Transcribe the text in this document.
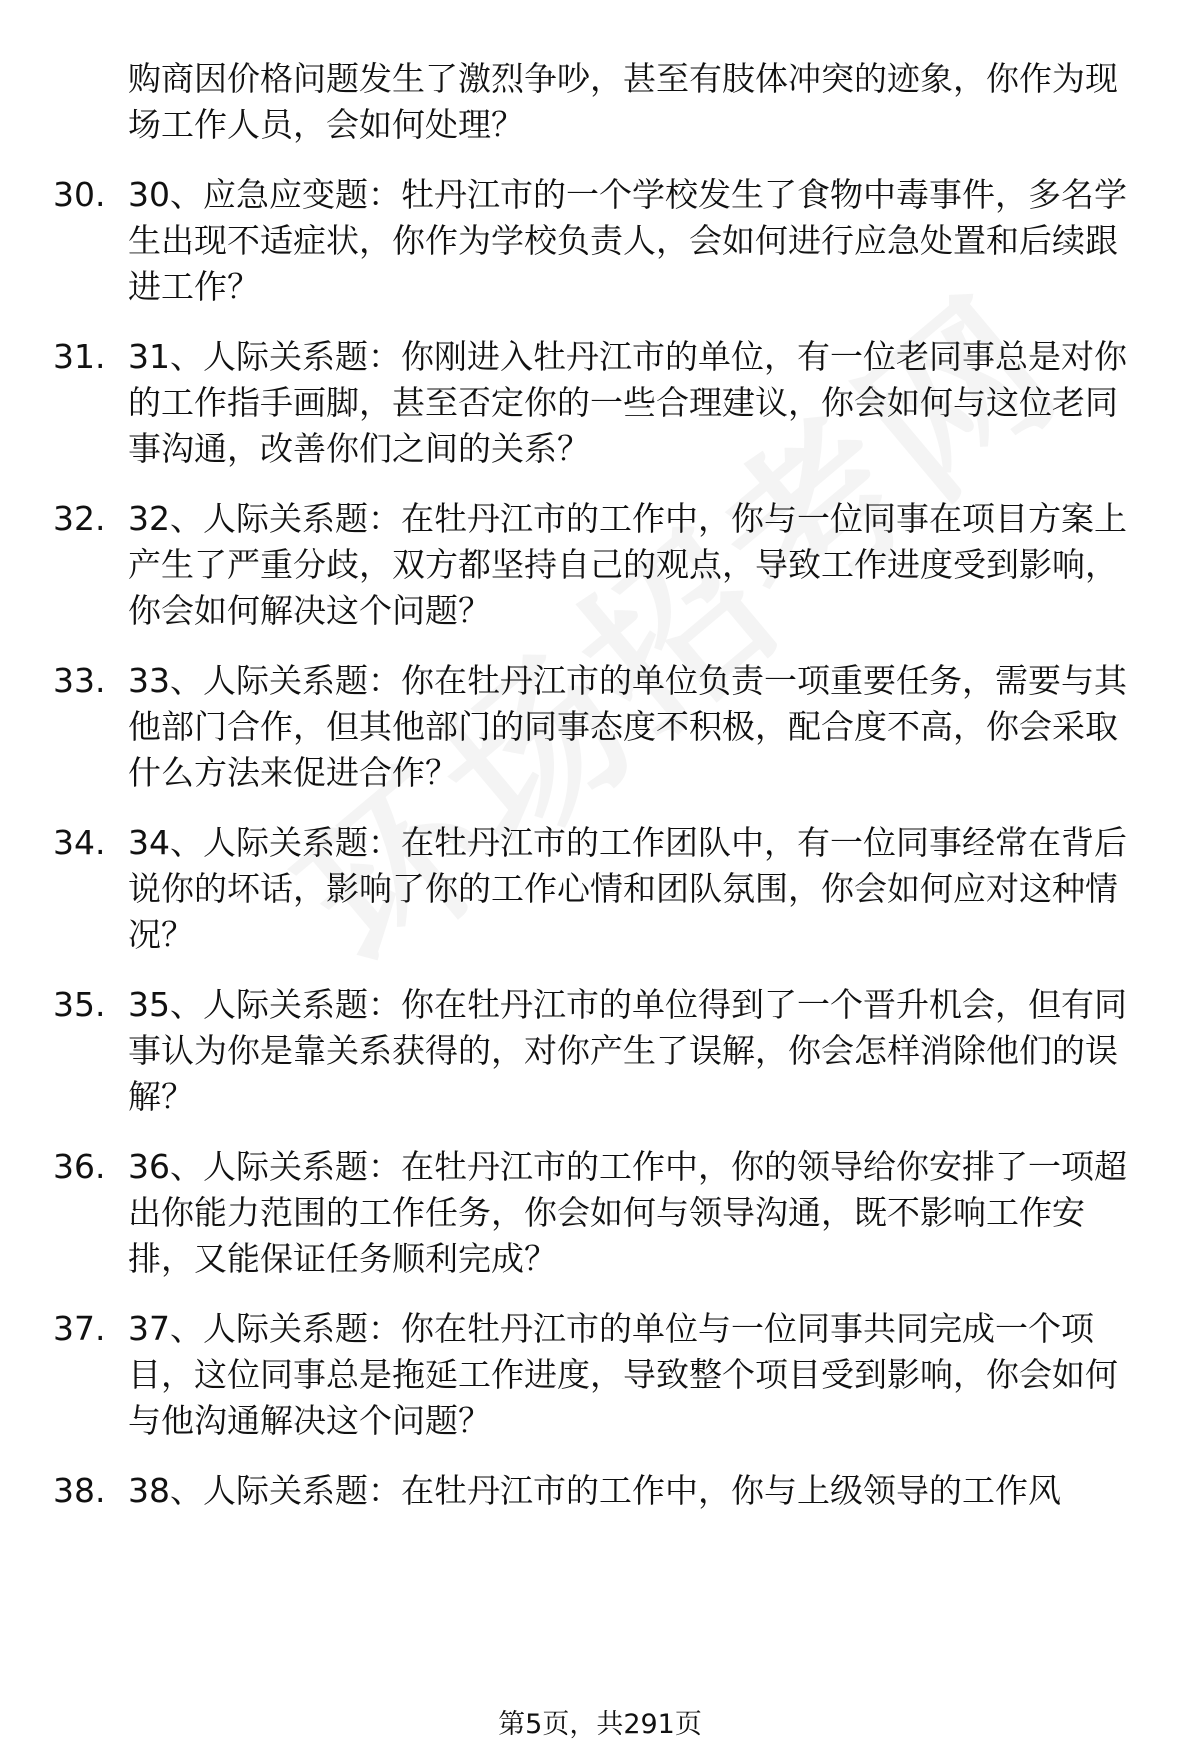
购商因价格问题发生了激烈争吵，甚至有肢体冲突的迹象，你作为现场工作人员，会如何处理？
30. 30、应急应变题：牡丹江市的一个学校发生了食物中毒事件，多名学生出现不适症状，你作为学校负责人，会如何进行应急处置和后续跟进工作？
31. 31、人际关系题：你刚进入牡丹江市的单位，有一位老同事总是对你的工作指手画脚，甚至否定你的一些合理建议，你会如何与这位老同事沟通，改善你们之间的关系？
32. 32、人际关系题：在牡丹江市的工作中，你与一位同事在项目方案上产生了严重分歧，双方都坚持自己的观点，导致工作进度受到影响，你会如何解决这个问题？
33. 33、人际关系题：你在牡丹江市的单位负责一项重要任务，需要与其他部门合作，但其他部门的同事态度不积极，配合度不高，你会采取什么方法来促进合作？
34. 34、人际关系题：在牡丹江市的工作团队中，有一位同事经常在背后说你的坏话，影响了你的工作心情和团队氛围，你会如何应对这种情况？
35. 35、人际关系题：你在牡丹江市的单位得到了一个晋升机会，但有同事认为你是靠关系获得的，对你产生了误解，你会怎样消除他们的误解？
36. 36、人际关系题：在牡丹江市的工作中，你的领导给你安排了一项超出你能力范围的工作任务，你会如何与领导沟通，既不影响工作安排，又能保证任务顺利完成？
37. 37、人际关系题：你在牡丹江市的单位与一位同事共同完成一个项目，这位同事总是拖延工作进度，导致整个项目受到影响，你会如何与他沟通解决这个问题？
38. 38、人际关系题：在牡丹江市的工作中，你与上级领导的工作风
第5页，共291页
